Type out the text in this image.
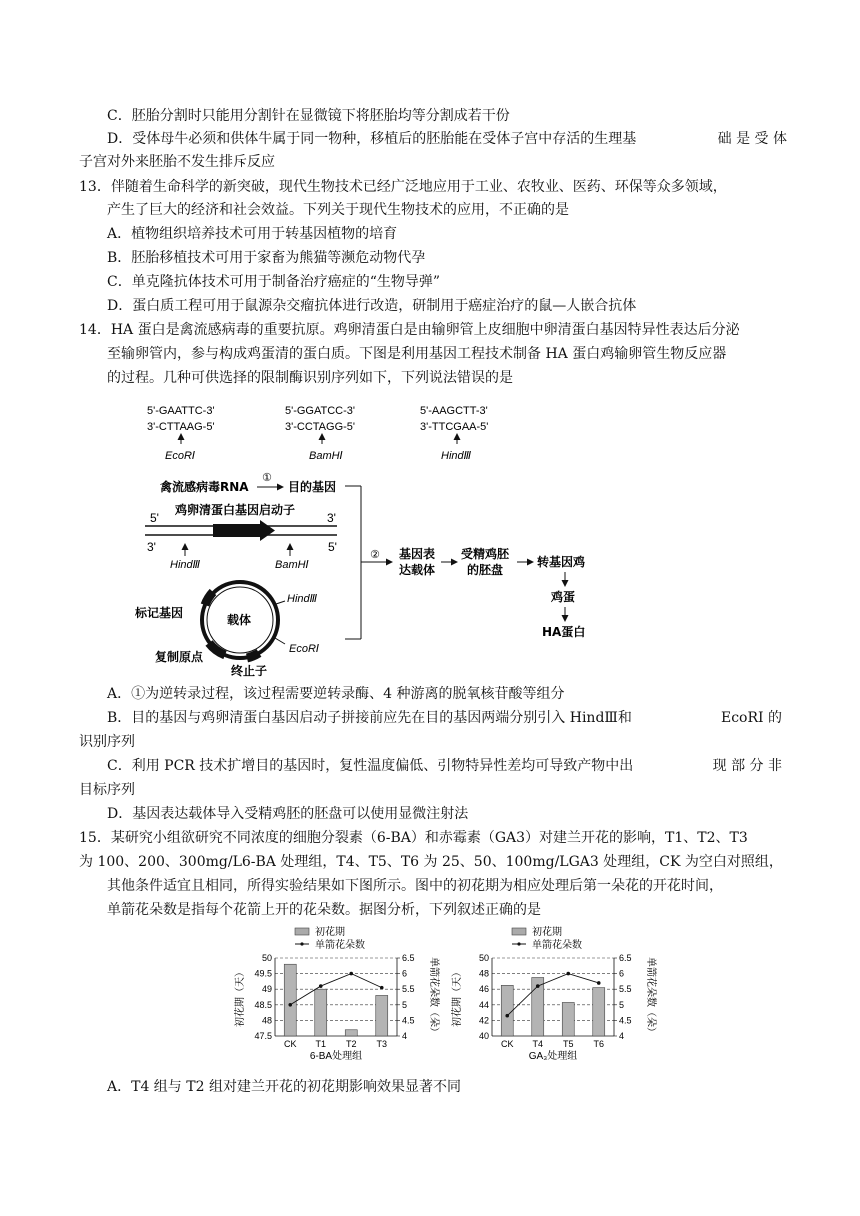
C．胚胎分割时只能用分割针在显微镜下将胚胎均等分割成若干份
D．受体母牛必须和供体牛属于同一物种，移植后的胚胎能在受体子宫中存活的生理基	础 是 受 体
子宫对外来胚胎不发生排斥反应
13．伴随着生命科学的新突破，现代生物技术已经广泛地应用于工业、农牧业、医药、环保等众多领域，
产生了巨大的经济和社会效益。下列关于现代生物技术的应用，不正确的是
A．植物组织培养技术可用于转基因植物的培育
B．胚胎移植技术可用于家畜为熊猫等濒危动物代孕
C．单克隆抗体技术可用于制备治疗癌症的“生物导弹”
D．蛋白质工程可用于鼠源杂交瘤抗体进行改造，研制用于癌症治疗的鼠—人嵌合抗体
14．HA 蛋白是禽流感病毒的重要抗原。鸡卵清蛋白是由输卵管上皮细胞中卵清蛋白基因特异性表达后分泌
至输卵管内，参与构成鸡蛋清的蛋白质。下图是利用基因工程技术制备 HA 蛋白鸡输卵管生物反应器
的过程。几种可供选择的限制酶识别序列如下，下列说法错误的是
5'-GAATTC-3'
3'-CTTAAG-5'
EcoRⅠ
5'-GGATCC-3'
3'-CCTAGG-5'
BamHⅠ
5'-AAGCTT-3'
3'-TTCGAA-5'
HindⅢ
禽流感病毒RNA
①
目的基因
鸡卵清蛋白基因启动子
5'	3'
3'	5'
HindⅢ	BamHⅠ
载体
标记基因
复制原点
终止子
HindⅢ
EcoRⅠ
② 基因表
达载体
受精鸡胚
的胚盘
转基因鸡
鸡蛋
HA蛋白
A．①为逆转录过程，该过程需要逆转录酶、4 种游离的脱氧核苷酸等组分
B．目的基因与鸡卵清蛋白基因启动子拼接前应先在目的基因两端分别引入 HindⅢ和	EcoRⅠ 的
识别序列
C．利用 PCR 技术扩增目的基因时，复性温度偏低、引物特异性差均可导致产物中出	现 部 分 非
目标序列
D．基因表达载体导入受精鸡胚的胚盘可以使用显微注射法
15．某研究小组欲研究不同浓度的细胞分裂素（6-BA）和赤霉素（GA3）对建兰开花的影响，T1、T2、T3
为 100、200、300mg/L6-BA 处理组，T4、T5、T6 为 25、50、100mg/LGA3 处理组，CK 为空白对照组，
其他条件适宜且相同，所得实验结果如下图所示。图中的初花期为相应处理后第一朵花的开花时间，
单箭花朵数是指每个花箭上开的花朵数。据图分析，下列叙述正确的是
初花期
单箭花朵数
47.5
48
48.5
49
49.5
50
4
4.5
5
5.5
6
6.5
初花期（天）	单箭花朵数（朵）
CK T1 T2 T3
6-BA处理组
初花期
单箭花朵数
40
42
44
46
48
50
4
4.5
5
5.5
6
6.5
初花期（天）	单箭花朵数（朵）
CK T4 T5 T6
GA₃处理组
A．T4 组与 T2 组对建兰开花的初花期影响效果显著不同
